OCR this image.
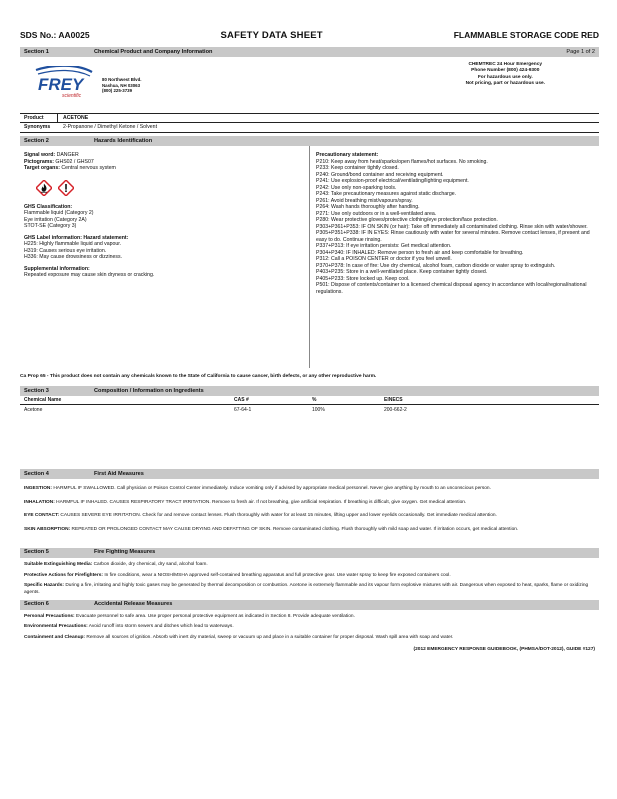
SDS No.: AA0025	SAFETY DATA SHEET	FLAMMABLE STORAGE CODE RED
Section 1	Chemical Product and Company Information	Page 1 of 2
FREY
scientific
80 Northwest Blvd.
Nashua, NH 03063
(800) 225-3739
CHEMTREC 24 Hour Emergency
Phone Number (800) 424-9300
For hazardous use only.
Not pricing, part or hazardous use.
Product	ACETONE
Synonyms	2-Propanone / Dimethyl Ketone / Solvent
Section 2	Hazards Identification

Signal word: DANGER

Pictograms: GHS02 / GHS07

Target organs: Central nervous system

GHS Classification:

Flammable liquid (Category 2)

Eye irritation (Category 2A)

STOT-SE (Category 3)

GHS Label information: Hazard statement:

H225: Highly flammable liquid and vapour.

H319: Causes serious eye irritation.

H336: May cause drowsiness or dizziness.

Supplemental information:

Repeated exposure may cause skin dryness or cracking.

Precautionary statement:

P210: Keep away from heat/sparks/open flames/hot surfaces. No smoking.

P233: Keep container tightly closed.

P240: Ground/bond container and receiving equipment.

P241: Use explosion-proof electrical/ventilating/lighting equipment.

P242: Use only non-sparking tools.

P243: Take precautionary measures against static discharge.

P261: Avoid breathing mist/vapours/spray.

P264: Wash hands thoroughly after handling.

P271: Use only outdoors or in a well-ventilated area.

P280: Wear protective gloves/protective clothing/eye protection/face protection.

P303+P361+P353: IF ON SKIN (or hair): Take off immediately all contaminated clothing. Rinse skin with water/shower.

P305+P351+P338: IF IN EYES: Rinse cautiously with water for several minutes. Remove contact lenses, if present and easy to do. Continue rinsing.

P337+P313: If eye irritation persists: Get medical attention.

P304+P340: IF INHALED: Remove person to fresh air and keep comfortable for breathing.

P312: Call a POISON CENTER or doctor if you feel unwell.

P370+P378: In case of fire: Use dry chemical, alcohol foam, carbon dioxide or water spray to extinguish.

P403+P235: Store in a well-ventilated place. Keep container tightly closed.

P405+P233: Store locked up. Keep cool.

P501: Dispose of contents/container to a licensed chemical disposal agency in accordance with local/regional/national regulations.

Ca Prop 65 - This product does not contain any chemicals known to the State of California to cause cancer, birth defects, or any other reproductive harm.
Section 3	Composition / Information on Ingredients
Chemical Name	CAS #	%	EINECS
Acetone	67-64-1	100%	200-662-2
Section 4	First Aid Measures

INGESTION: HARMFUL IF SWALLOWED. Call physician or Poison Control Center immediately. Induce vomiting only if advised by appropriate medical personnel. Never give anything by mouth to an unconscious person.

INHALATION: HARMFUL IF INHALED. CAUSES RESPIRATORY TRACT IRRITATION. Remove to fresh air. If not breathing, give artificial respiration. If breathing is difficult, give oxygen. Get medical attention.

EYE CONTACT: CAUSES SEVERE EYE IRRITATION. Check for and remove contact lenses. Flush thoroughly with water for at least 15 minutes, lifting upper and lower eyelids occasionally. Get immediate medical attention.

SKIN ABSORPTION: REPEATED OR PROLONGED CONTACT MAY CAUSE DRYING AND DEFATTING OF SKIN. Remove contaminated clothing. Flush thoroughly with mild soap and water. If irritation occurs, get medical attention.

Section 5	Fire Fighting Measures

Suitable Extinguishing Media: Carbon dioxide, dry chemical, dry sand, alcohol foam.

Protective Actions for Firefighters: In fire conditions, wear a NIOSH/MSHA approved self-contained breathing apparatus and full protective gear. Use water spray to keep fire exposed containers cool.

Specific Hazards: During a fire, irritating and highly toxic gases may be generated by thermal decomposition or combustion. Acetone is extremely flammable and its vapour form explosive mixtures with air. Dangerous when exposed to heat, sparks, flame or oxidizing agents.

Section 6	Accidental Release Measures

Personal Precautions: Evacuate personnel to safe area. Use proper personal protective equipment as indicated in Section 8. Provide adequate ventilation.

Environmental Precautions: Avoid runoff into storm sewers and ditches which lead to waterways.

Containment and Cleanup: Remove all sources of ignition. Absorb with inert dry material, sweep or vacuum up and place in a suitable container for proper disposal. Wash spill area with soap and water.

(2012 EMERGENCY RESPONSE GUIDEBOOK, (PHMSA/DOT-2012), GUIDE #127)
